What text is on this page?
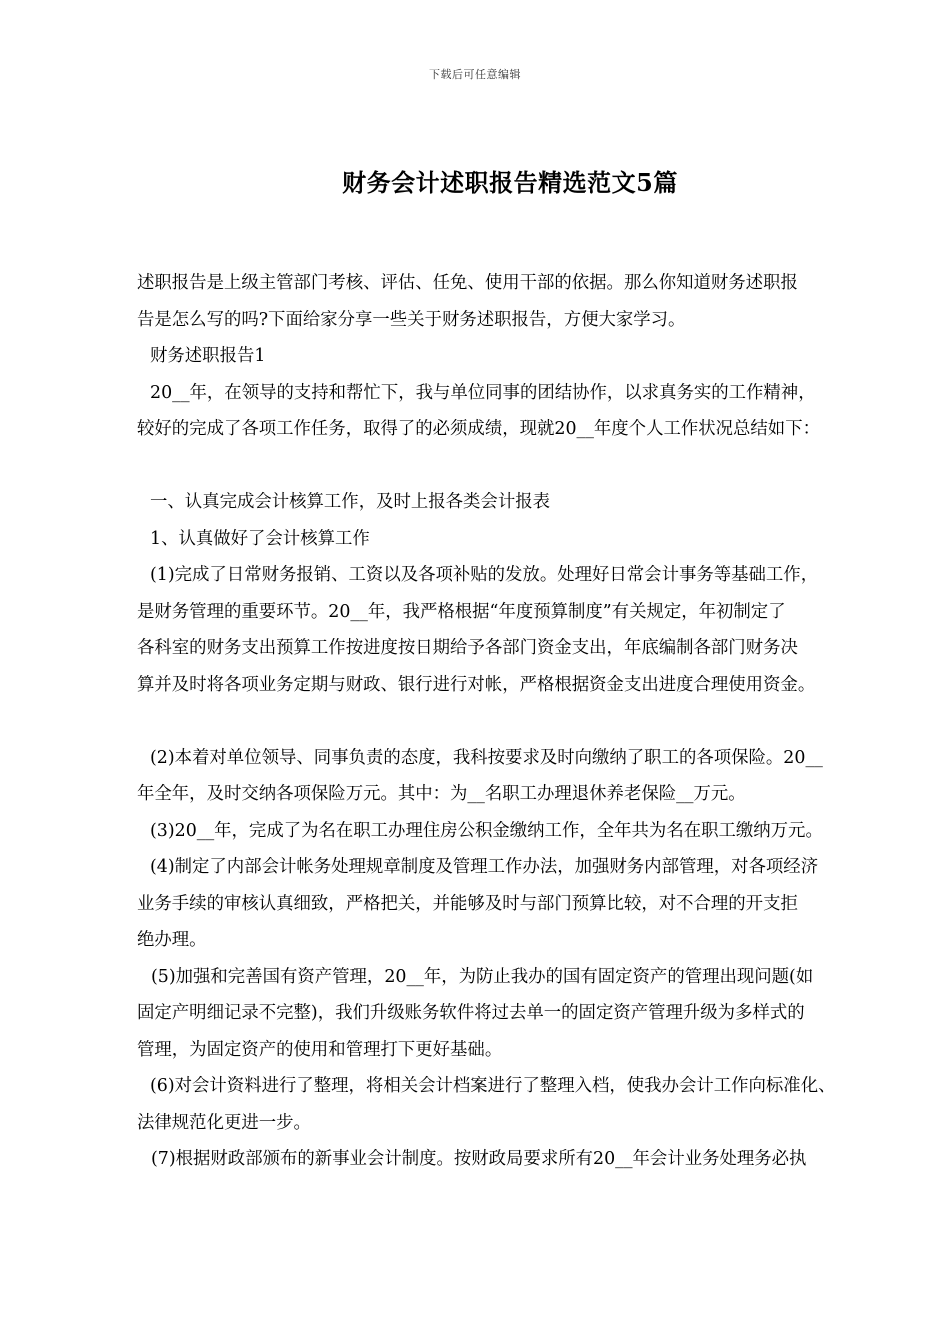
下载后可任意编辑
财务会计述职报告精选范文5篇

述职报告是上级主管部门考核、评估、任免、使用干部的依据。那么你知道财务述职报

告是怎么写的吗?下面给家分享一些关于财务述职报告，方便大家学习。

财务述职报告1

20__年，在领导的支持和帮忙下，我与单位同事的团结协作，以求真务实的工作精神，

较好的完成了各项工作任务，取得了的必须成绩，现就20__年度个人工作状况总结如下：

一、认真完成会计核算工作，及时上报各类会计报表

1、认真做好了会计核算工作

(1)完成了日常财务报销、工资以及各项补贴的发放。处理好日常会计事务等基础工作，

是财务管理的重要环节。20__年，我严格根据“年度预算制度”有关规定，年初制定了

各科室的财务支出预算工作按进度按日期给予各部门资金支出，年底编制各部门财务决

算并及时将各项业务定期与财政、银行进行对帐，严格根据资金支出进度合理使用资金。

(2)本着对单位领导、同事负责的态度，我科按要求及时向缴纳了职工的各项保险。20__

年全年，及时交纳各项保险万元。其中：为__名职工办理退休养老保险__万元。

(3)20__年，完成了为名在职工办理住房公积金缴纳工作，全年共为名在职工缴纳万元。

(4)制定了内部会计帐务处理规章制度及管理工作办法，加强财务内部管理，对各项经济

业务手续的审核认真细致，严格把关，并能够及时与部门预算比较，对不合理的开支拒

绝办理。

(5)加强和完善国有资产管理，20__年，为防止我办的国有固定资产的管理出现问题(如

固定产明细记录不完整)，我们升级账务软件将过去单一的固定资产管理升级为多样式的

管理，为固定资产的使用和管理打下更好基础。

(6)对会计资料进行了整理，将相关会计档案进行了整理入档，使我办会计工作向标准化、

法律规范化更进一步。

(7)根据财政部颁布的新事业会计制度。按财政局要求所有20__年会计业务处理务必执
